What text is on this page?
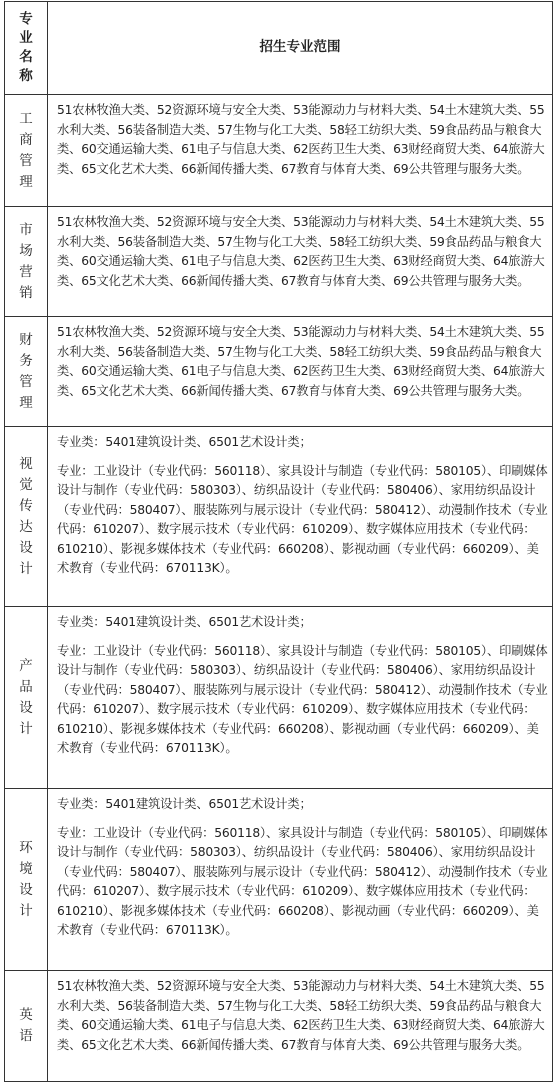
专
业
名
称	招生专业范围
工商管理	51农林牧渔大类、52资源环境与安全大类、53能源动力与材料大类、54土木建筑大类、55水利大类、56装备制造大类、57生物与化工大类、58轻工纺织大类、59食品药品与粮食大类、60交通运输大类、61电子与信息大类、62医药卫生大类、63财经商贸大类、64旅游大类、65文化艺术大类、66新闻传播大类、67教育与体育大类、69公共管理与服务大类。

市场营销	51农林牧渔大类、52资源环境与安全大类、53能源动力与材料大类、54土木建筑大类、55水利大类、56装备制造大类、57生物与化工大类、58轻工纺织大类、59食品药品与粮食大类、60交通运输大类、61电子与信息大类、62医药卫生大类、63财经商贸大类、64旅游大类、65文化艺术大类、66新闻传播大类、67教育与体育大类、69公共管理与服务大类。

财务管理	51农林牧渔大类、52资源环境与安全大类、53能源动力与材料大类、54土木建筑大类、55水利大类、56装备制造大类、57生物与化工大类、58轻工纺织大类、59食品药品与粮食大类、60交通运输大类、61电子与信息大类、62医药卫生大类、63财经商贸大类、64旅游大类、65文化艺术大类、66新闻传播大类、67教育与体育大类、69公共管理与服务大类。

视觉传达设计	专业类：5401建筑设计类、6501艺术设计类；

专业：工业设计（专业代码：560118）、家具设计与制造（专业代码：580105）、印刷媒体设计与制作（专业代码：580303）、纺织品设计（专业代码：580406）、家用纺织品设计（专业代码：580407）、服装陈列与展示设计（专业代码：580412）、动漫制作技术（专业代码：610207）、数字展示技术（专业代码：610209）、数字媒体应用技术（专业代码：610210）、影视多媒体技术（专业代码：660208）、影视动画（专业代码：660209）、美术教育（专业代码：670113K）。

产品设计	专业类：5401建筑设计类、6501艺术设计类；

专业：工业设计（专业代码：560118）、家具设计与制造（专业代码：580105）、印刷媒体设计与制作（专业代码：580303）、纺织品设计（专业代码：580406）、家用纺织品设计（专业代码：580407）、服装陈列与展示设计（专业代码：580412）、动漫制作技术（专业代码：610207）、数字展示技术（专业代码：610209）、数字媒体应用技术（专业代码：610210）、影视多媒体技术（专业代码：660208）、影视动画（专业代码：660209）、美术教育（专业代码：670113K）。

环境设计	专业类：5401建筑设计类、6501艺术设计类；

专业：工业设计（专业代码：560118）、家具设计与制造（专业代码：580105）、印刷媒体设计与制作（专业代码：580303）、纺织品设计（专业代码：580406）、家用纺织品设计（专业代码：580407）、服装陈列与展示设计（专业代码：580412）、动漫制作技术（专业代码：610207）、数字展示技术（专业代码：610209）、数字媒体应用技术（专业代码：610210）、影视多媒体技术（专业代码：660208）、影视动画（专业代码：660209）、美术教育（专业代码：670113K）。

英语	51农林牧渔大类、52资源环境与安全大类、53能源动力与材料大类、54土木建筑大类、55水利大类、56装备制造大类、57生物与化工大类、58轻工纺织大类、59食品药品与粮食大类、60交通运输大类、61电子与信息大类、62医药卫生大类、63财经商贸大类、64旅游大类、65文化艺术大类、66新闻传播大类、67教育与体育大类、69公共管理与服务大类。
